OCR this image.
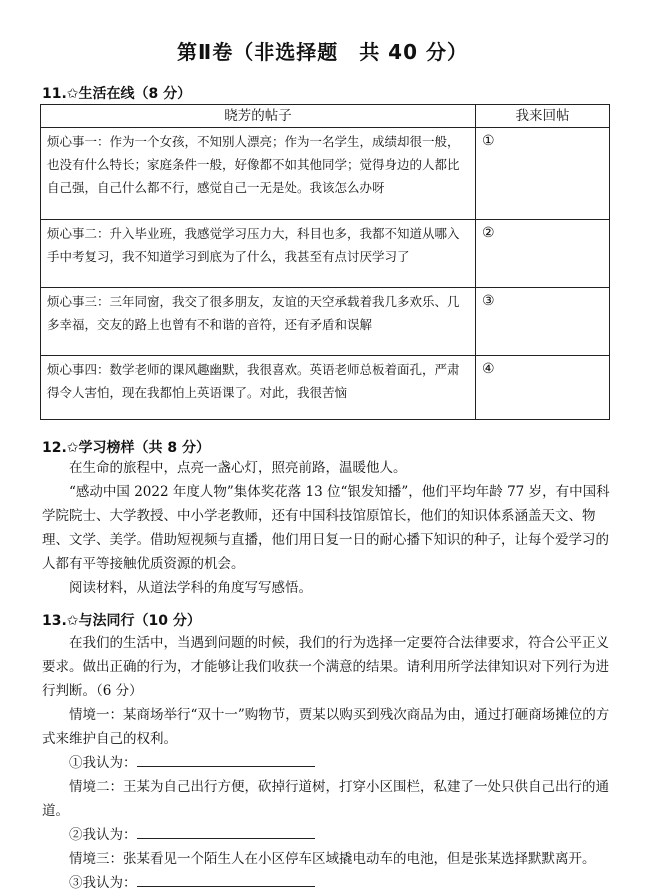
第Ⅱ卷（非选择题　共 40 分）
11.✩生活在线（8 分）
晓芳的帖子	我来回帖
烦心事一：作为一个女孩，不知别人漂亮；作为一名学生，成绩却很一般，也没有什么特长；家庭条件一般，好像都不如其他同学；觉得身边的人都比自己强，自己什么都不行，感觉自己一无是处。我该怎么办呀	①
烦心事二：升入毕业班，我感觉学习压力大，科目也多，我都不知道从哪入手中考复习，我不知道学习到底为了什么，我甚至有点讨厌学习了	②
烦心事三：三年同窗，我交了很多朋友，友谊的天空承载着我几多欢乐、几多幸福，交友的路上也曾有不和谐的音符，还有矛盾和误解	③
烦心事四：数学老师的课风趣幽默，我很喜欢。英语老师总板着面孔，严肃得令人害怕，现在我都怕上英语课了。对此，我很苦恼	④
12.✩学习榜样（共 8 分）

在生命的旅程中，点亮一盏心灯，照亮前路，温暖他人。

“感动中国 2022 年度人物”集体奖花落 13 位“银发知播”，他们平均年龄 77 岁，有中国科学院院士、大学教授、中小学老教师，还有中国科技馆原馆长，他们的知识体系涵盖天文、物理、文学、美学。借助短视频与直播，他们用日复一日的耐心播下知识的种子，让每个爱学习的人都有平等接触优质资源的机会。

阅读材料，从道法学科的角度写写感悟。

13.✩与法同行（10 分）

在我们的生活中，当遇到问题的时候，我们的行为选择一定要符合法律要求，符合公平正义要求。做出正确的行为，才能够让我们收获一个满意的结果。请利用所学法律知识对下列行为进行判断。（6 分）

情境一：某商场举行“双十一”购物节，贾某以购买到残次商品为由，通过打砸商场摊位的方式来维护自己的权利。

①我认为：

情境二：王某为自己出行方便，砍掉行道树，打穿小区围栏，私建了一处只供自己出行的通道。

②我认为：

情境三：张某看见一个陌生人在小区停车区域撬电动车的电池，但是张某选择默默离开。

③我认为：
